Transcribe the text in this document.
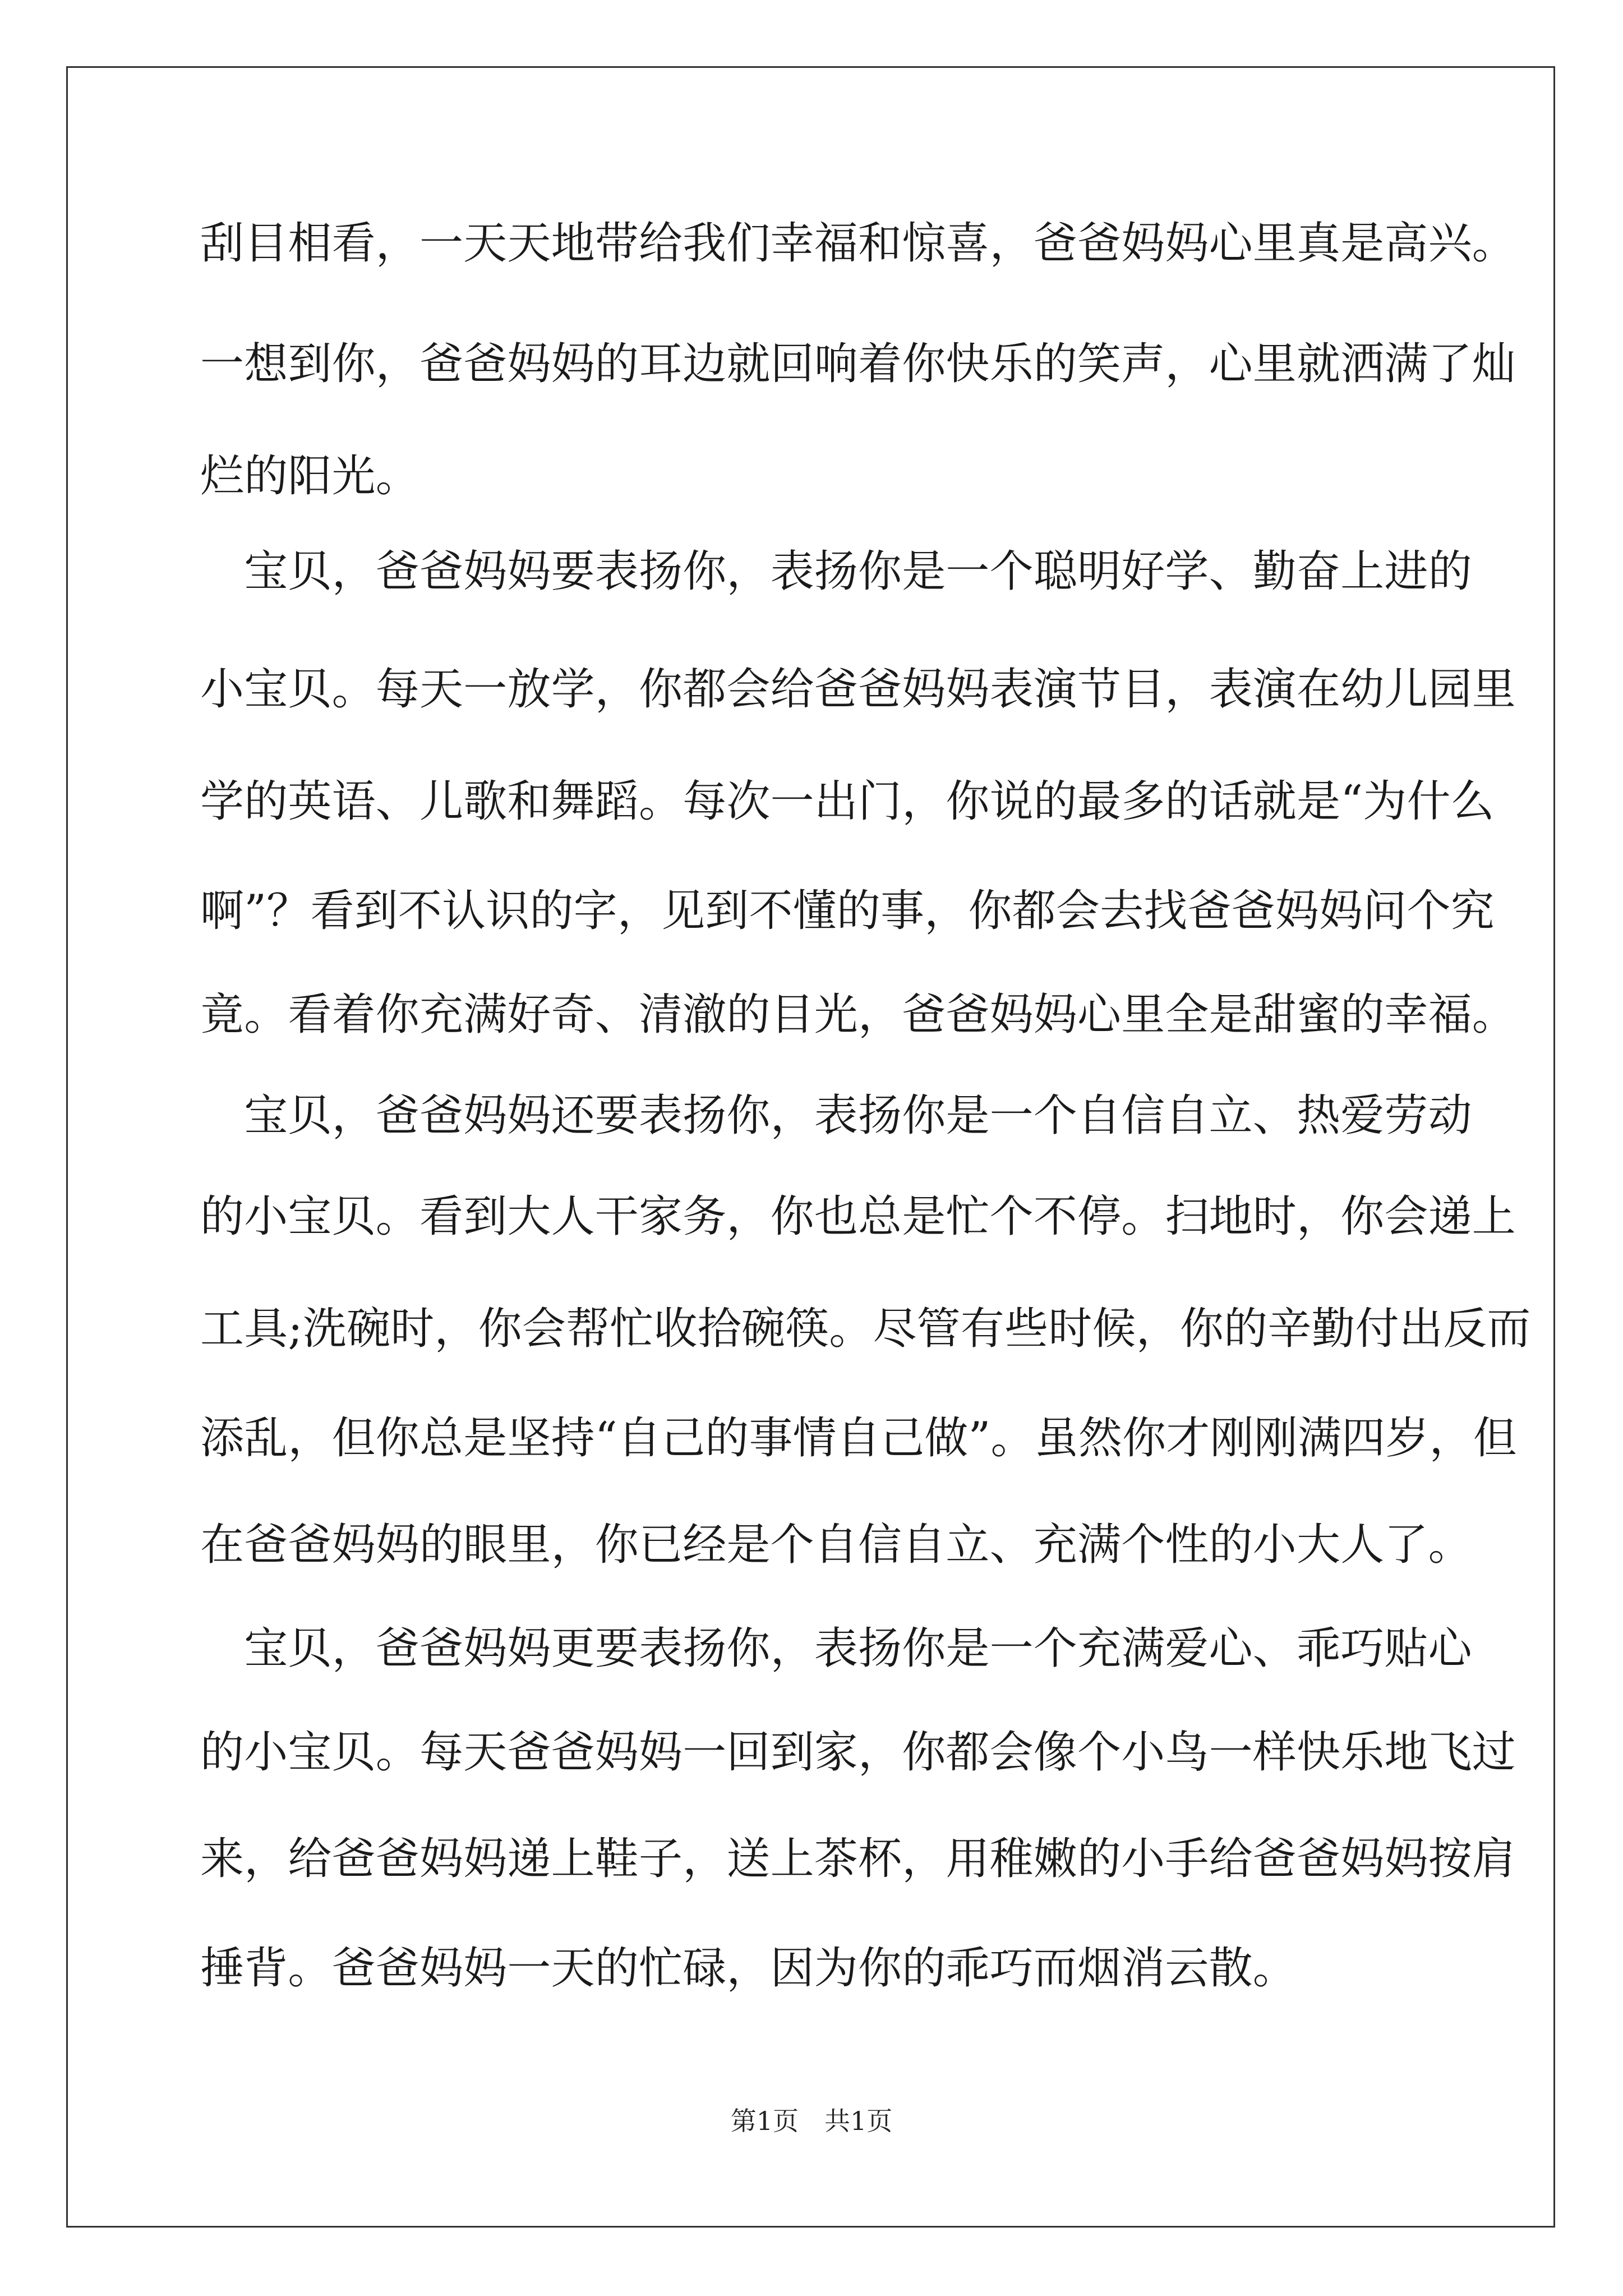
刮目相看，一天天地带给我们幸福和惊喜，爸爸妈妈心里真是高兴。
一想到你，爸爸妈妈的耳边就回响着你快乐的笑声，心里就洒满了灿
烂的阳光。
　宝贝，爸爸妈妈要表扬你，表扬你是一个聪明好学、勤奋上进的
小宝贝。每天一放学，你都会给爸爸妈妈表演节目，表演在幼儿园里
学的英语、儿歌和舞蹈。每次一出门，你说的最多的话就是“为什么
啊”？看到不认识的字，见到不懂的事，你都会去找爸爸妈妈问个究
竟。看着你充满好奇、清澈的目光，爸爸妈妈心里全是甜蜜的幸福。
　宝贝，爸爸妈妈还要表扬你，表扬你是一个自信自立、热爱劳动
的小宝贝。看到大人干家务，你也总是忙个不停。扫地时，你会递上
工具;洗碗时，你会帮忙收拾碗筷。尽管有些时候，你的辛勤付出反而
添乱，但你总是坚持“自己的事情自己做”。虽然你才刚刚满四岁，但
在爸爸妈妈的眼里，你已经是个自信自立、充满个性的小大人了。
　宝贝，爸爸妈妈更要表扬你，表扬你是一个充满爱心、乖巧贴心
的小宝贝。每天爸爸妈妈一回到家，你都会像个小鸟一样快乐地飞过
来，给爸爸妈妈递上鞋子，送上茶杯，用稚嫩的小手给爸爸妈妈按肩
捶背。爸爸妈妈一天的忙碌，因为你的乖巧而烟消云散。
第1页　共1页
